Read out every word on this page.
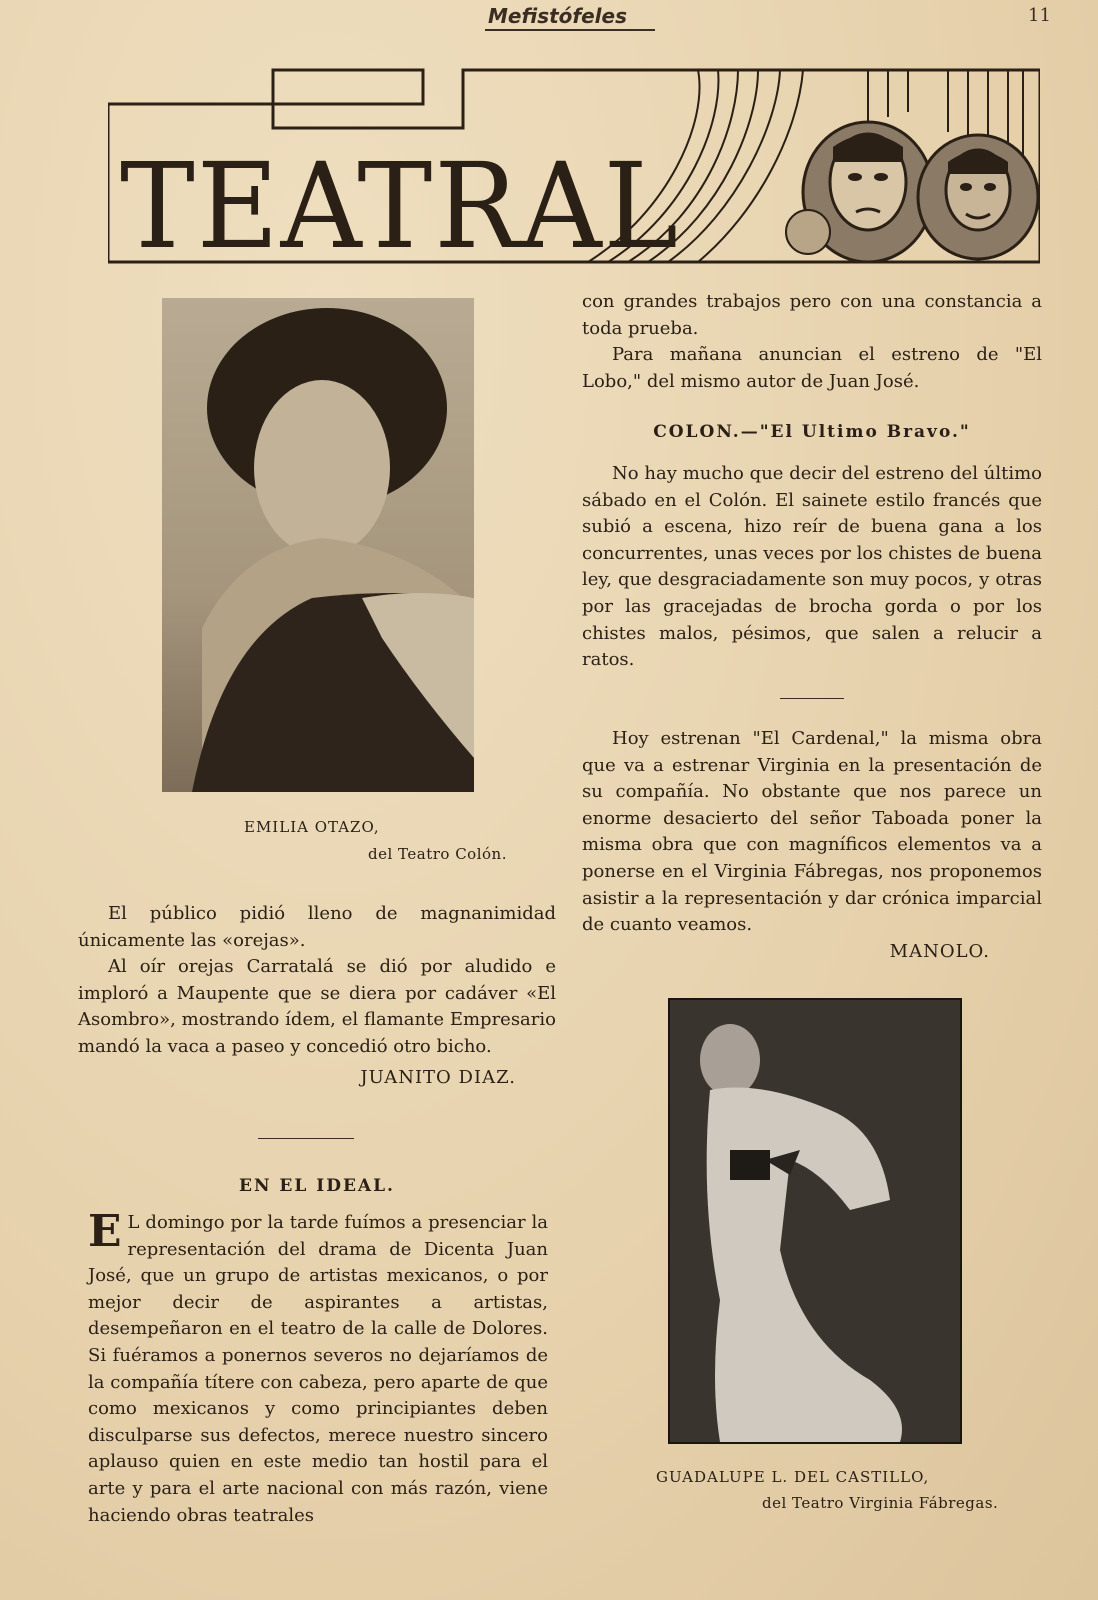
Mefistófeles	11
TEATRAL
EMILIA OTAZO,
del Teatro Colón.

El público pidió lleno de magnanimidad únicamente las «orejas».

Al oír orejas Carratalá se dió por aludido e imploró a Maupente que se diera por cadáver «El Asombro», mostrando ídem, el flamante Empresario mandó la vaca a paseo y concedió otro bicho.

JUANITO DIAZ.

EN EL IDEAL.

E L domingo por la tarde fuímos a presenciar la representación del drama de Dicenta Juan José, que un grupo de artistas mexicanos, o por mejor decir de aspirantes a artistas, desempeñaron en el teatro de la calle de Dolores. Si fuéramos a ponernos severos no dejaríamos de la compañía títere con cabeza, pero aparte de que como mexicanos y como principiantes deben disculparse sus defectos, merece nuestro sincero aplauso quien en este medio tan hostil para el arte y para el arte nacional con más razón, viene haciendo obras teatrales

con grandes trabajos pero con una constancia a toda prueba.

Para mañana anuncian el estreno de "El Lobo," del mismo autor de Juan José.

COLON.—"El Ultimo Bravo."

No hay mucho que decir del estreno del último sábado en el Colón. El sainete estilo francés que subió a escena, hizo reír de buena gana a los concurrentes, unas veces por los chistes de buena ley, que desgraciadamente son muy pocos, y otras por las gracejadas de brocha gorda o por los chistes malos, pésimos, que salen a relucir a ratos.

Hoy estrenan "El Cardenal," la misma obra que va a estrenar Virginia en la presentación de su compañía. No obstante que nos parece un enorme desacierto del señor Taboada poner la misma obra que con magníficos elementos va a ponerse en el Virginia Fábregas, nos proponemos asistir a la representación y dar crónica imparcial de cuanto veamos.

MANOLO.

GUADALUPE L. DEL CASTILLO,
del Teatro Virginia Fábregas.
